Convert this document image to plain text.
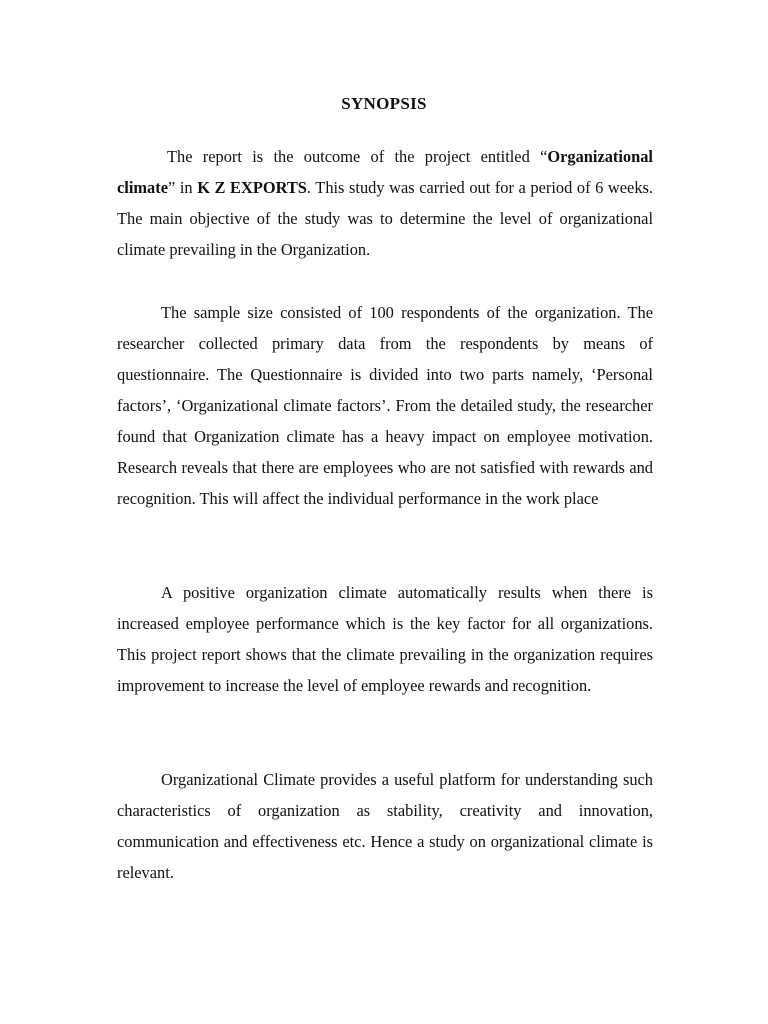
SYNOPSIS

The report is the outcome of the project entitled “Organizational climate” in K Z EXPORTS. This study was carried out for a period of 6 weeks. The main objective of the study was to determine the level of organizational climate prevailing in the Organization.

The sample size consisted of 100 respondents of the organization. The researcher collected primary data from the respondents by means of questionnaire. The Questionnaire is divided into two parts namely, ‘Personal factors’, ‘Organizational climate factors’. From the detailed study, the researcher found that Organization climate has a heavy impact on employee motivation. Research reveals that there are employees who are not satisfied with rewards and recognition. This will affect the individual performance in the work place

A positive organization climate automatically results when there is increased employee performance which is the key factor for all organizations. This project report shows that the climate prevailing in the organization requires improvement to increase the level of employee rewards and recognition.

Organizational Climate provides a useful platform for understanding such characteristics of organization as stability, creativity and innovation, communication and effectiveness etc. Hence a study on organizational climate is relevant.
